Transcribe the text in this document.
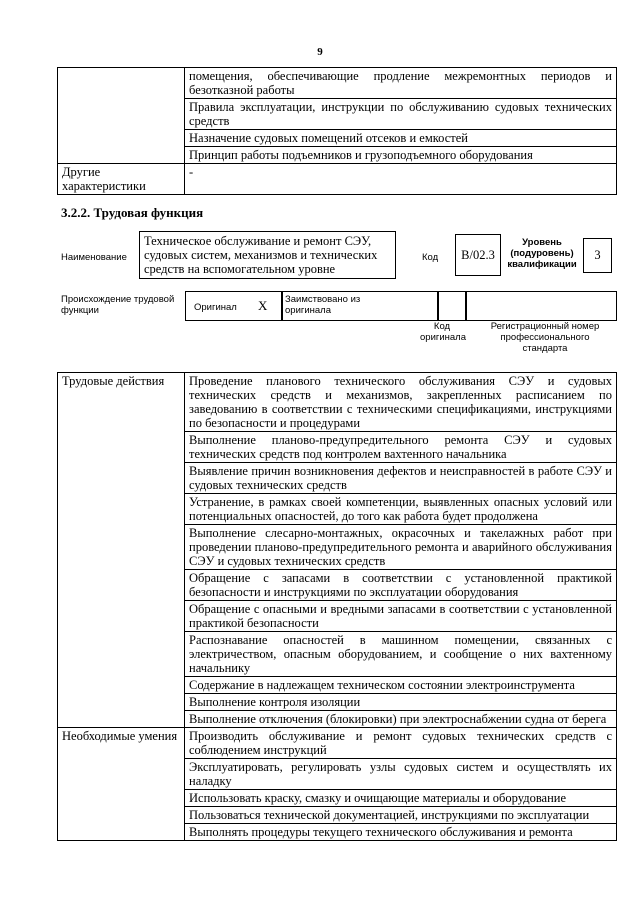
9
	помещения, обеспечивающие продление межремонтных периодов и безотказной работы
	Правила эксплуатации, инструкции по обслуживанию судовых технических средств
	Назначение судовых помещений отсеков и емкостей
	Принцип работы подъемников и грузоподъемного оборудования
Другие характеристики	-
3.2.2. Трудовая функция
Наименование
Техническое обслуживание и ремонт СЭУ, судовых систем, механизмов и технических средств на вспомогательном уровне
Код	B/02.3
Уровень (подуровень) квалификации
3
Происхождение трудовой функции	Оригинал X Заимствовано из оригинала
Код оригинала
Регистрационный номер профессионального стандарта
Трудовые действия	Проведение планового технического обслуживания СЭУ и судовых технических средств и механизмов, закрепленных расписанием по заведованию в соответствии с техническими спецификациями, инструкциями по безопасности и процедурами
	Выполнение планово-предупредительного ремонта СЭУ и судовых технических средств под контролем вахтенного начальника
	Выявление причин возникновения дефектов и неисправностей в работе СЭУ и судовых технических средств
	Устранение, в рамках своей компетенции, выявленных опасных условий или потенциальных опасностей, до того как работа будет продолжена
	Выполнение слесарно-монтажных, окрасочных и такелажных работ при проведении планово-предупредительного ремонта и аварийного обслуживания СЭУ и судовых технических средств
	Обращение с запасами в соответствии с установленной практикой безопасности и инструкциями по эксплуатации оборудования
	Обращение с опасными и вредными запасами в соответствии с установленной практикой безопасности
	Распознавание опасностей в машинном помещении, связанных с электричеством, опасным оборудованием, и сообщение о них вахтенному начальнику
	Содержание в надлежащем техническом состоянии электроинструмента
	Выполнение контроля изоляции
	Выполнение отключения (блокировки) при электроснабжении судна от берега
Необходимые умения	Производить обслуживание и ремонт судовых технических средств с соблюдением инструкций
	Эксплуатировать, регулировать узлы судовых систем и осуществлять их наладку
	Использовать краску, смазку и очищающие материалы и оборудование
	Пользоваться технической документацией, инструкциями по эксплуатации
	Выполнять процедуры текущего технического обслуживания и ремонта
